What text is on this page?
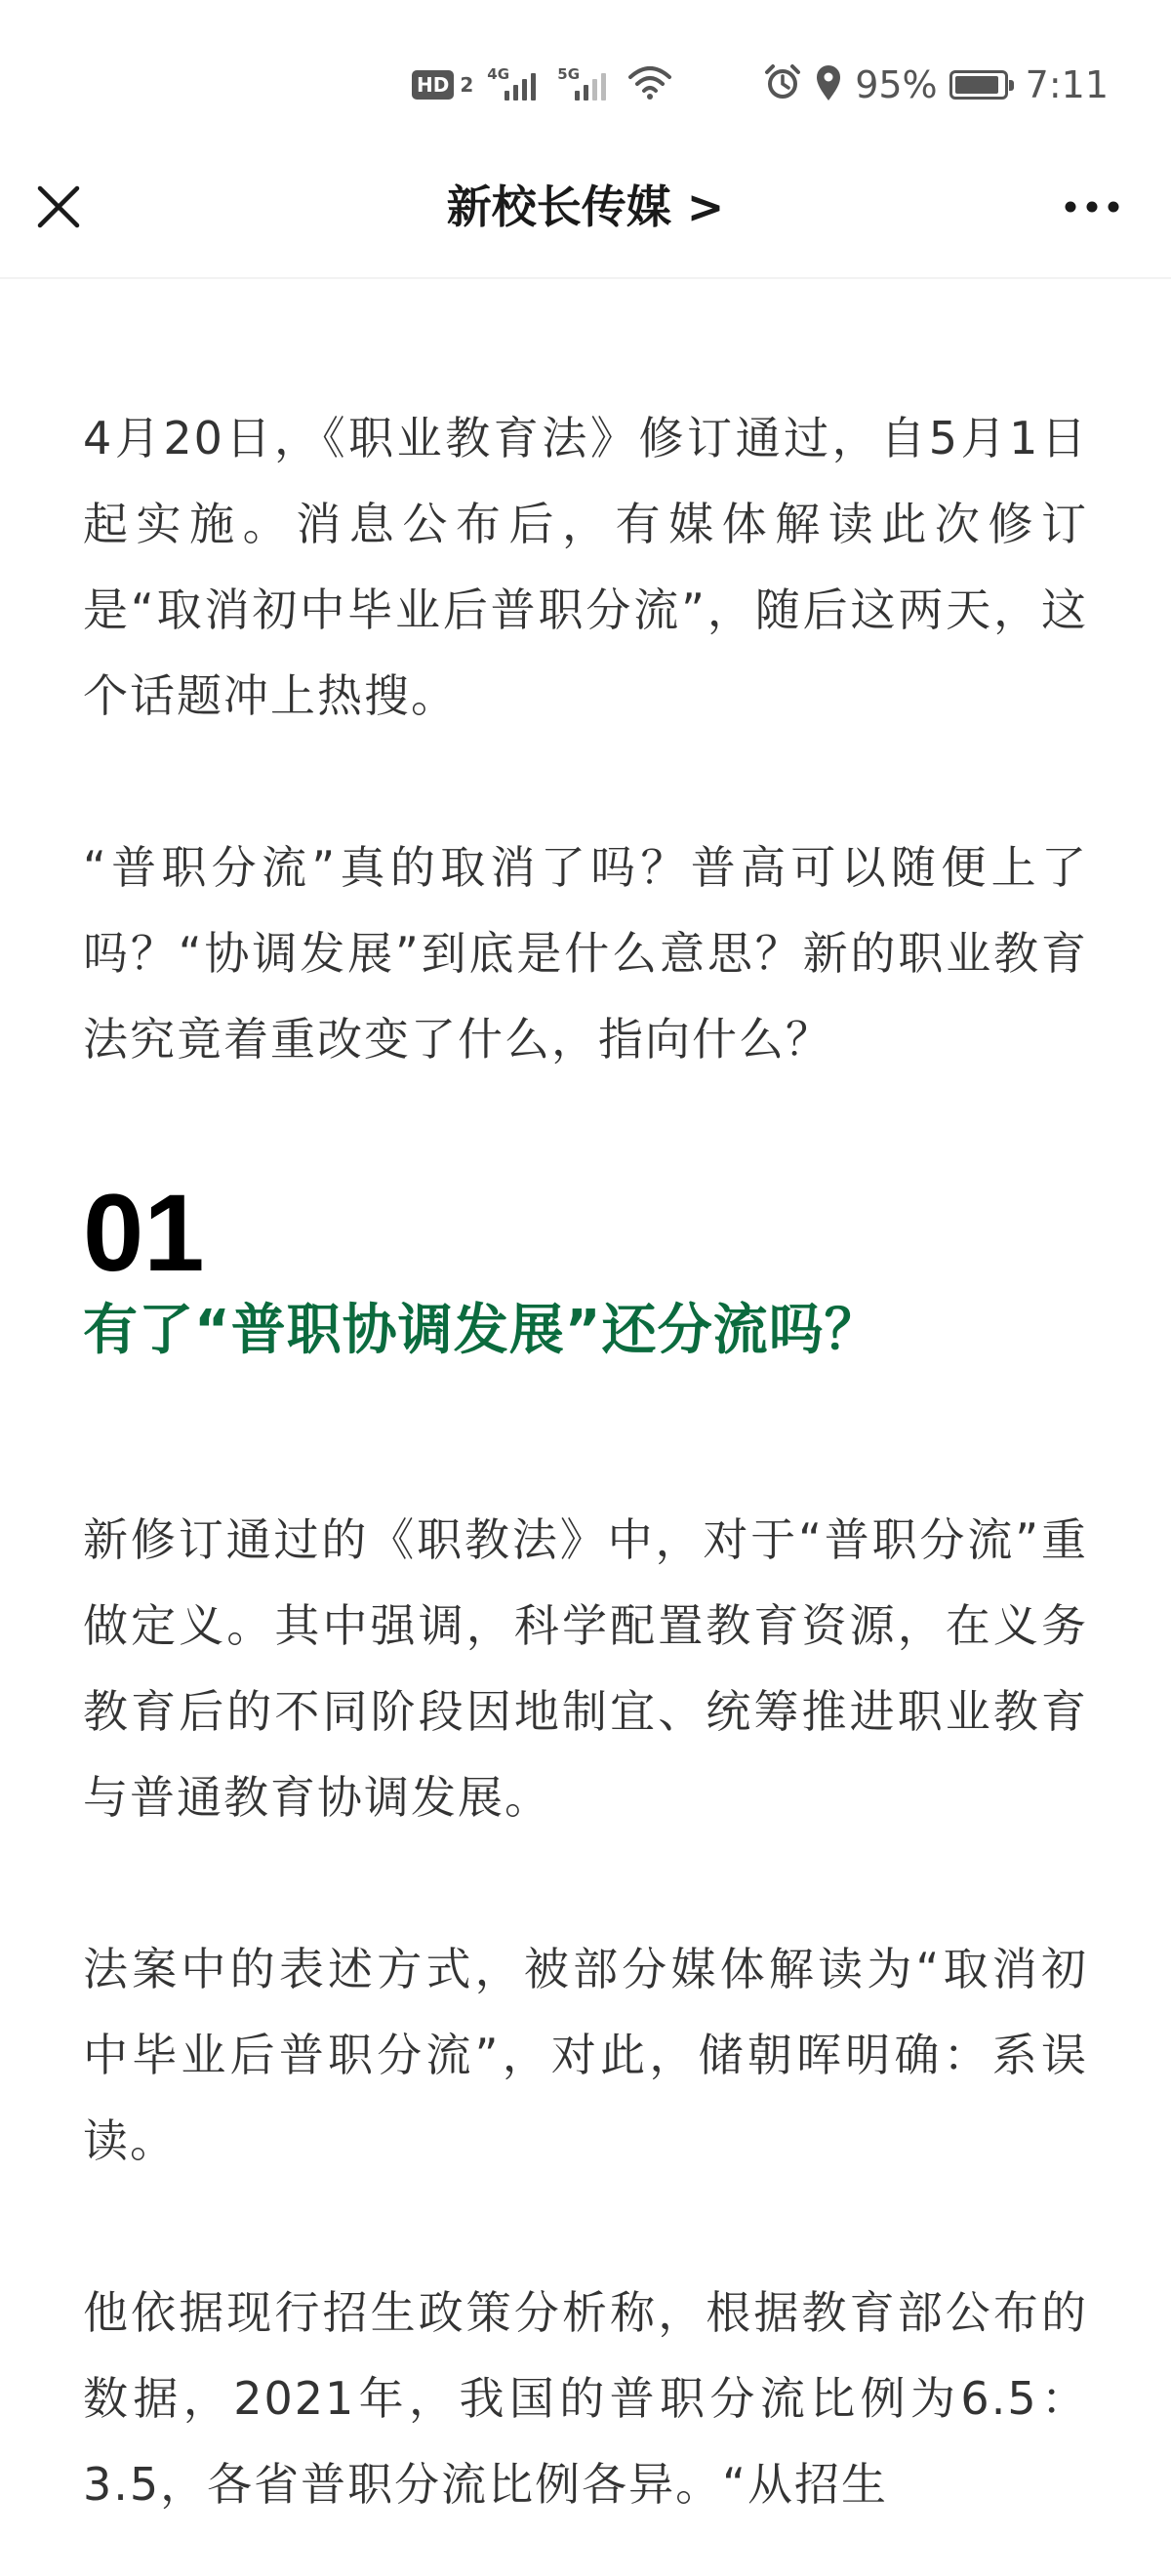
HD 2 4G	5G	95% 7:11
新校长传媒 >

4月20日，《职业教育法》修订通过，自5月1日起实施。消息公布后，有媒体解读此次修订是“取消初中毕业后普职分流”，随后这两天，这个话题冲上热搜。

“普职分流”真的取消了吗？普高可以随便上了吗？“协调发展”到底是什么意思？新的职业教育法究竟着重改变了什么，指向什么？

01
有了“普职协调发展”还分流吗？

新修订通过的《职教法》中，对于“普职分流”重做定义。其中强调，科学配置教育资源，在义务教育后的不同阶段因地制宜、统筹推进职业教育与普通教育协调发展。

法案中的表述方式，被部分媒体解读为“取消初中毕业后普职分流”，对此，储朝晖明确：系误读。

他依据现行招生政策分析称，根据教育部公布的数据，2021年，我国的普职分流比例为6.5：3.5，各省普职分流比例各异。“从招生
